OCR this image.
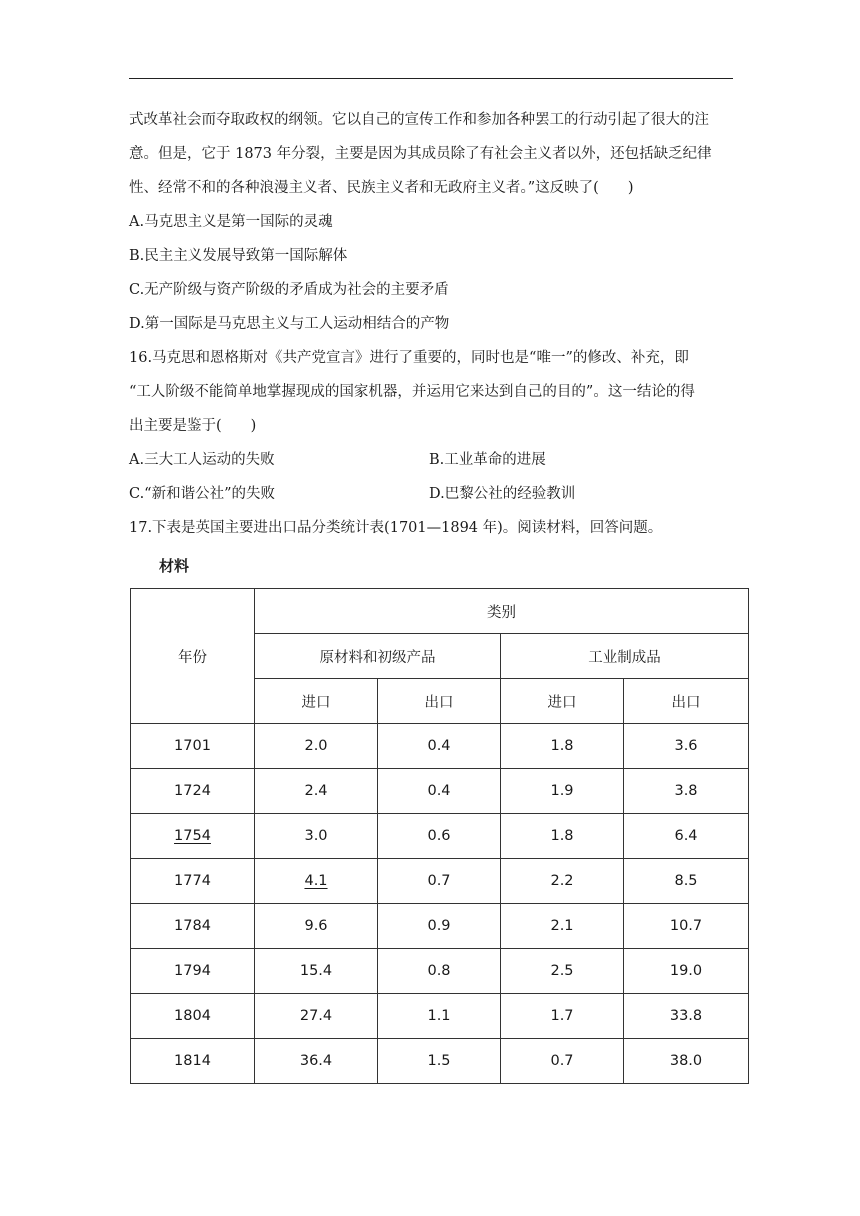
式改革社会而夺取政权的纲领。它以自己的宣传工作和参加各种罢工的行动引起了很大的注
意。但是，它于 1873 年分裂，主要是因为其成员除了有社会主义者以外，还包括缺乏纪律
性、经常不和的各种浪漫主义者、民族主义者和无政府主义者。”这反映了(　　)
A.马克思主义是第一国际的灵魂
B.民主主义发展导致第一国际解体
C.无产阶级与资产阶级的矛盾成为社会的主要矛盾
D.第一国际是马克思主义与工人运动相结合的产物
16.马克思和恩格斯对《共产党宣言》进行了重要的，同时也是“唯一”的修改、补充，即
“工人阶级不能简单地掌握现成的国家机器，并运用它来达到自己的目的”。这一结论的得
出主要是鉴于(　　)
A.三大工人运动的失败	B.工业革命的进展
C.“新和谐公社”的失败	D.巴黎公社的经验教训
17.下表是英国主要进出口品分类统计表(1701—1894 年)。阅读材料，回答问题。
材料
年份	类别			
	原材料和初级产品		工业制成品	
	进口	出口	进口	出口
1701	2.0	0.4	1.8	3.6
1724	2.4	0.4	1.9	3.8
1754	3.0	0.6	1.8	6.4
1774	4.1	0.7	2.2	8.5
1784	9.6	0.9	2.1	10.7
1794	15.4	0.8	2.5	19.0
1804	27.4	1.1	1.7	33.8
1814	36.4	1.5	0.7	38.0
